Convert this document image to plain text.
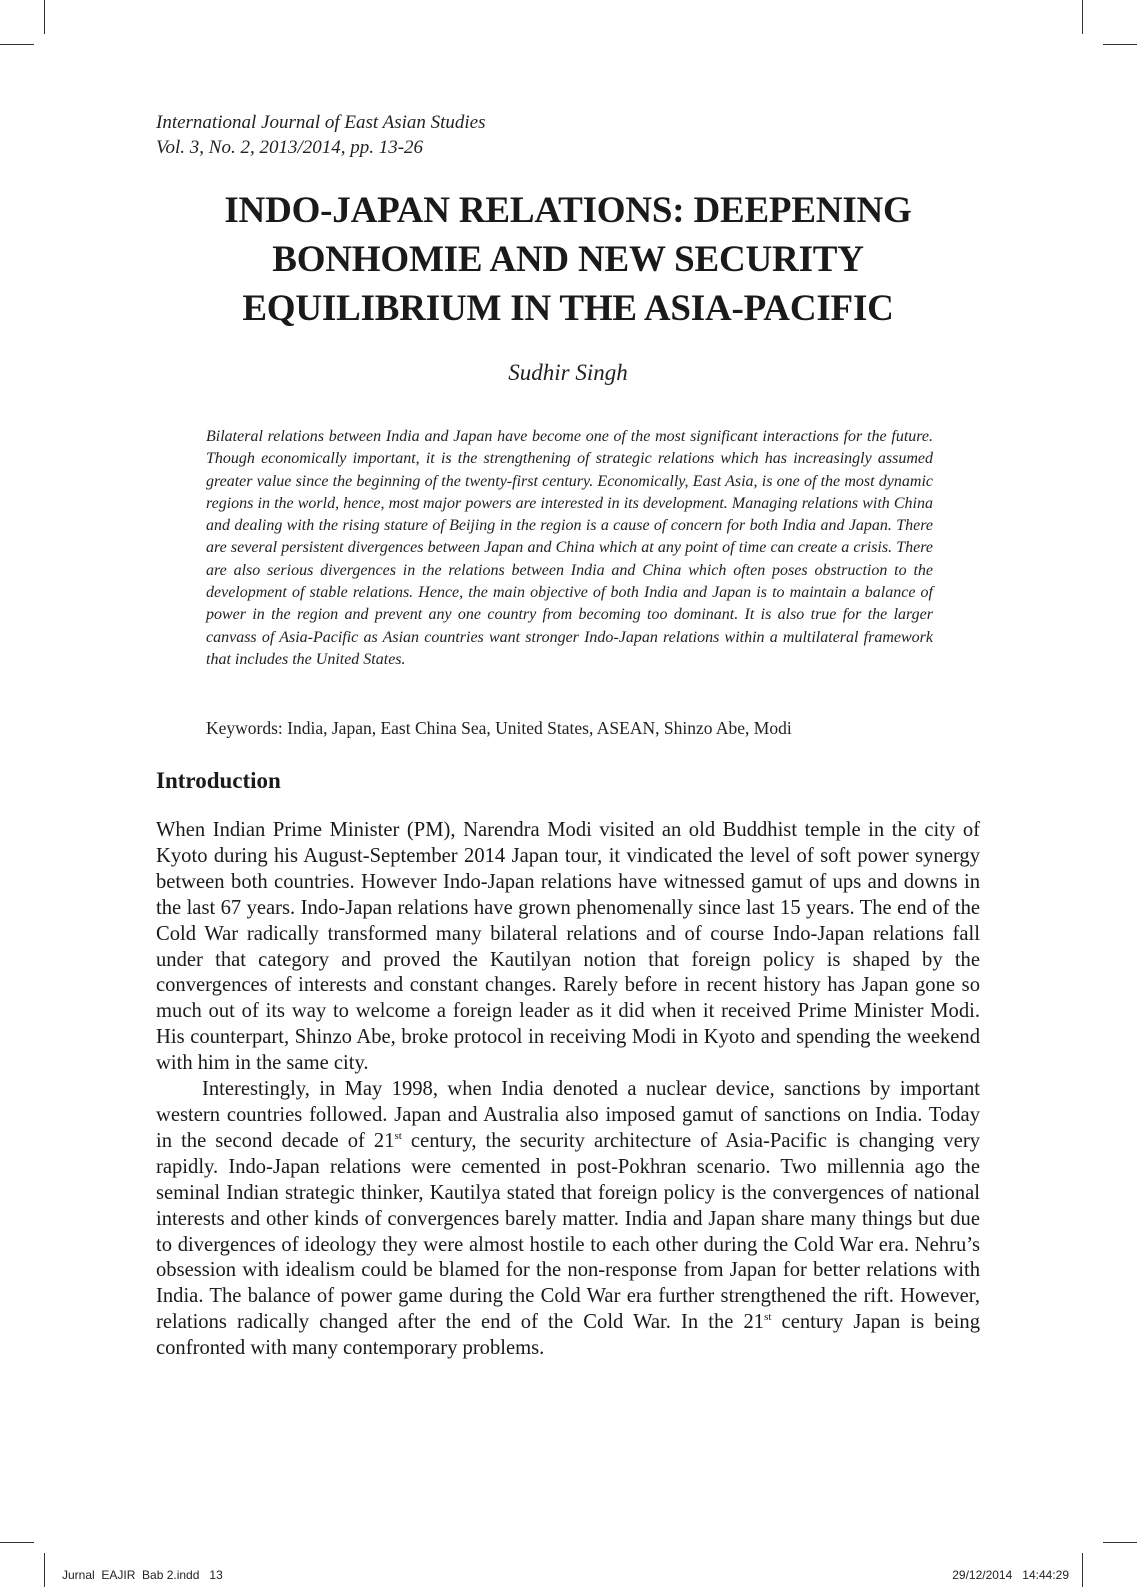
International Journal of East Asian Studies
Vol. 3, No. 2, 2013/2014, pp. 13-26
INDO-JAPAN RELATIONS: DEEPENING
BONHOMIE AND NEW SECURITY
EQUILIBRIUM IN THE ASIA-PACIFIC
Sudhir Singh

Bilateral relations between India and Japan have become one of the most significant interactions for the future. Though economically important, it is the strengthening of strategic relations which has increasingly assumed greater value since the beginning of the twenty-first century. Economically, East Asia, is one of the most dynamic regions in the world, hence, most major powers are interested in its development. Managing relations with China and dealing with the rising stature of Beijing in the region is a cause of concern for both India and Japan. There are several persistent divergences between Japan and China which at any point of time can create a crisis. There are also serious divergences in the relations between India and China which often poses obstruction to the development of stable relations. Hence, the main objective of both India and Japan is to maintain a balance of power in the region and prevent any one country from becoming too dominant. It is also true for the larger canvass of Asia-Pacific as Asian countries want stronger Indo-Japan relations within a multilateral framework that includes the United States.

Keywords: India, Japan, East China Sea, United States, ASEAN, Shinzo Abe, Modi
Introduction

When Indian Prime Minister (PM), Narendra Modi visited an old Buddhist temple in the city of Kyoto during his August-September 2014 Japan tour, it vindicated the level of soft power synergy between both countries. However Indo-Japan relations have witnessed gamut of ups and downs in the last 67 years. Indo-Japan relations have grown phenomenally since last 15 years. The end of the Cold War radically transformed many bilateral relations and of course Indo-Japan relations fall under that category and proved the Kautilyan notion that foreign policy is shaped by the convergences of interests and constant changes. Rarely before in recent history has Japan gone so much out of its way to welcome a foreign leader as it did when it received Prime Minister Modi. His counterpart, Shinzo Abe, broke protocol in receiving Modi in Kyoto and spending the weekend with him in the same city.

Interestingly, in May 1998, when India denoted a nuclear device, sanctions by important western countries followed. Japan and Australia also imposed gamut of sanctions on India. Today in the second decade of 21st century, the security architecture of Asia-Pacific is changing very rapidly. Indo-Japan relations were cemented in post-Pokhran scenario. Two millennia ago the seminal Indian strategic thinker, Kautilya stated that foreign policy is the convergences of national interests and other kinds of convergences barely matter. India and Japan share many things but due to divergences of ideology they were almost hostile to each other during the Cold War era. Nehru’s obsession with idealism could be blamed for the non-response from Japan for better relations with India. The balance of power game during the Cold War era further strengthened the rift. However, relations radically changed after the end of the Cold War. In the 21st century Japan is being confronted with many contemporary problems.

Jurnal  EAJIR  Bab 2.indd   13	29/12/2014   14:44:29
